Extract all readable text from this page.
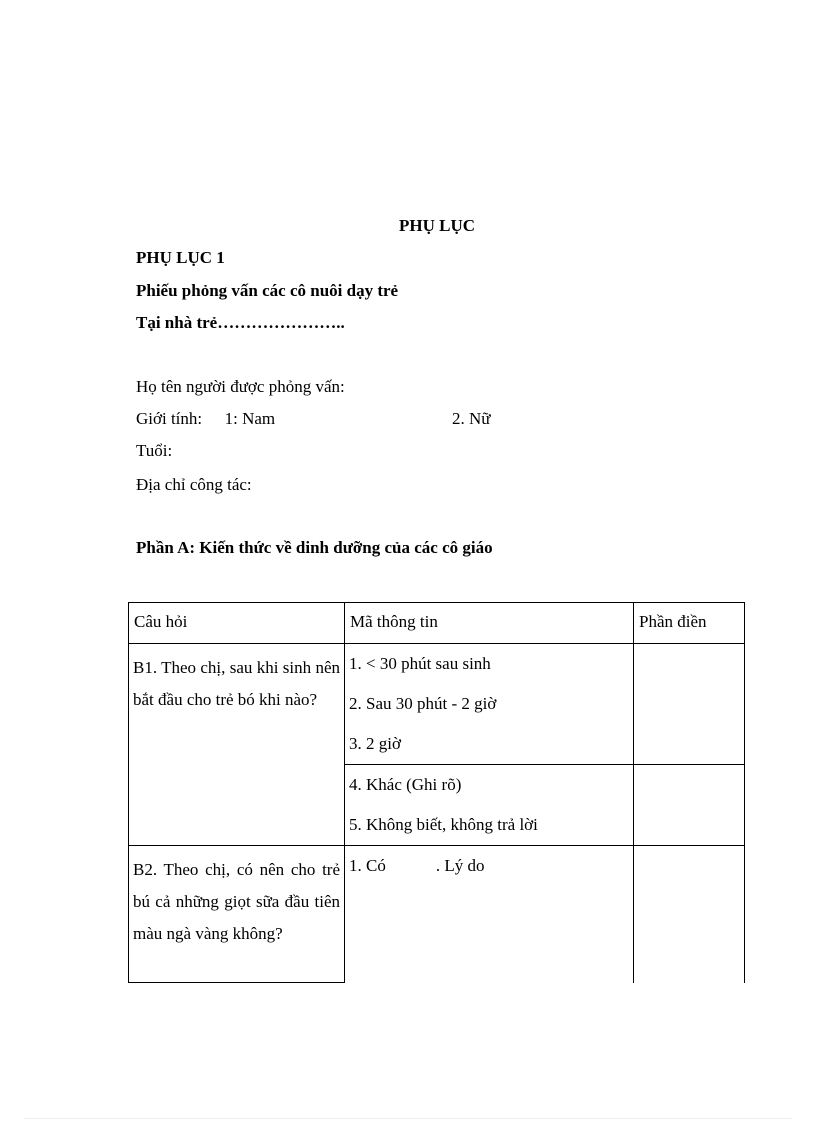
PHỤ LỤC
PHỤ LỤC 1
Phiếu phỏng vấn các cô nuôi dạy trẻ
Tại nhà trẻ…………………..
Họ tên người được phỏng vấn:
Giới tính: 1: Nam	2. Nữ
Tuổi:
Địa chỉ công tác:
Phần A: Kiến thức về dinh dưỡng của các cô giáo
Câu hỏi	Mã thông tin	Phần điền

B1. Theo chị, sau khi sinh nên bắt đầu cho trẻ bó khi nào?	1. < 30 phút sau sinh
2. Sau 30 phút - 2 giờ
3. 2 giờ	

	4. Khác (Ghi rõ)
5. Không biết, không trả lời	

B2. Theo chị, có nên cho trẻ bú cả những giọt sữa đầu tiên màu ngà vàng không?	1. Có . Lý do	
